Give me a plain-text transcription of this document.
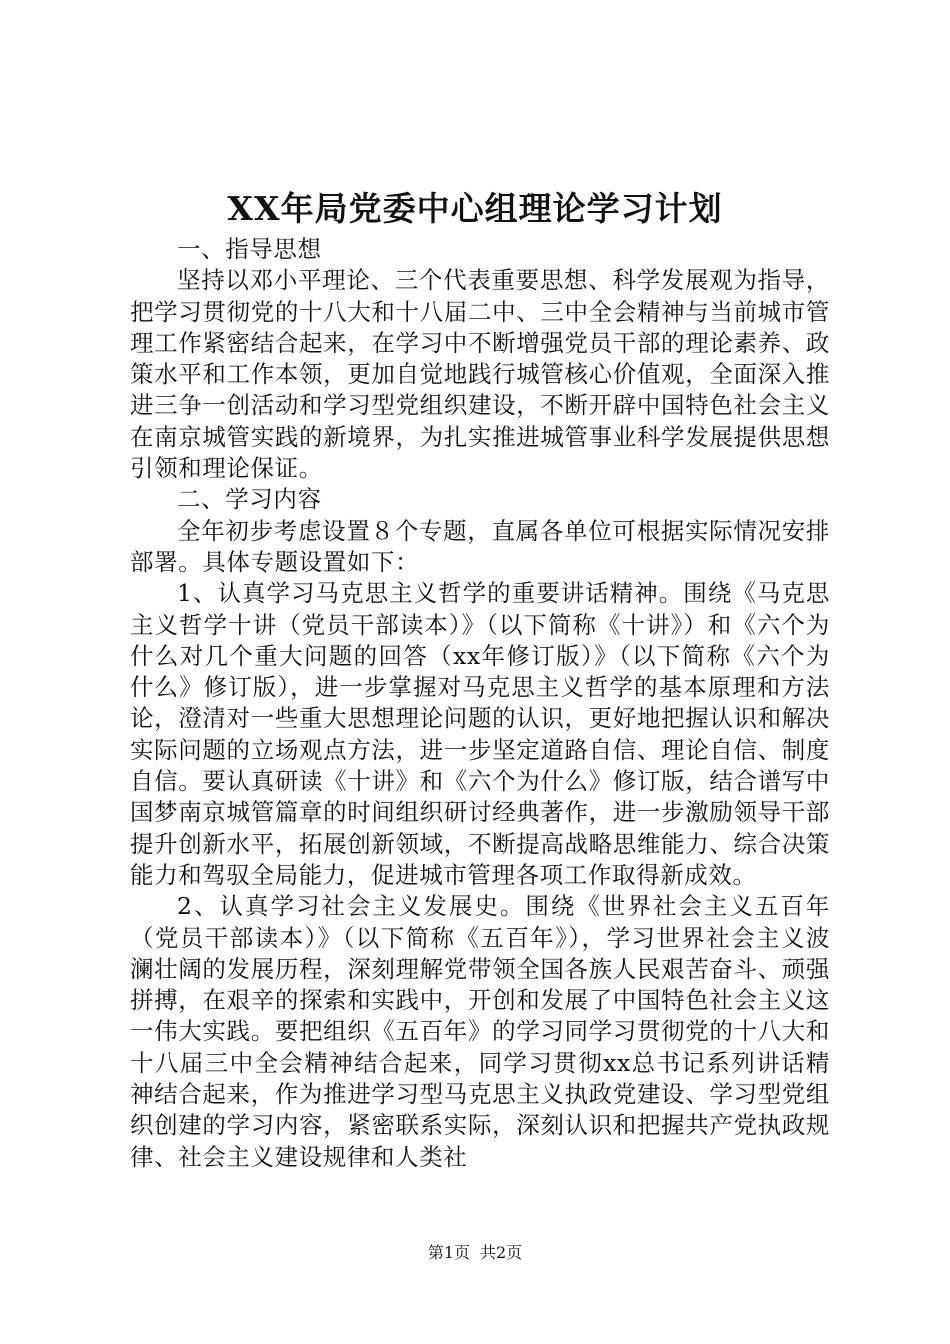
XX年局党委中心组理论学习计划

一、指导思想

坚持以邓小平理论、三个代表重要思想、科学发展观为指导，把学习贯彻党的十八大和十八届二中、三中全会精神与当前城市管理工作紧密结合起来，在学习中不断增强党员干部的理论素养、政策水平和工作本领，更加自觉地践行城管核心价值观，全面深入推进三争一创活动和学习型党组织建设，不断开辟中国特色社会主义在南京城管实践的新境界，为扎实推进城管事业科学发展提供思想引领和理论保证。

二、学习内容

全年初步考虑设置８个专题，直属各单位可根据实际情况安排部署。具体专题设置如下：

1、认真学习马克思主义哲学的重要讲话精神。围绕《马克思主义哲学十讲（党员干部读本）》（以下简称《十讲》）和《六个为什么对几个重大问题的回答（xx年修订版）》（以下简称《六个为什么》修订版），进一步掌握对马克思主义哲学的基本原理和方法论，澄清对一些重大思想理论问题的认识，更好地把握认识和解决实际问题的立场观点方法，进一步坚定道路自信、理论自信、制度自信。要认真研读《十讲》和《六个为什么》修订版，结合谱写中国梦南京城管篇章的时间组织研讨经典著作，进一步激励领导干部提升创新水平，拓展创新领域，不断提高战略思维能力、综合决策能力和驾驭全局能力，促进城市管理各项工作取得新成效。

2、认真学习社会主义发展史。围绕《世界社会主义五百年（党员干部读本）》（以下简称《五百年》），学习世界社会主义波澜壮阔的发展历程，深刻理解党带领全国各族人民艰苦奋斗、顽强拼搏，在艰辛的探索和实践中，开创和发展了中国特色社会主义这一伟大实践。要把组织《五百年》的学习同学习贯彻党的十八大和十八届三中全会精神结合起来，同学习贯彻xx总书记系列讲话精神结合起来，作为推进学习型马克思主义执政党建设、学习型党组织创建的学习内容，紧密联系实际，深刻认识和把握共产党执政规律、社会主义建设规律和人类社

第1页 共2页
